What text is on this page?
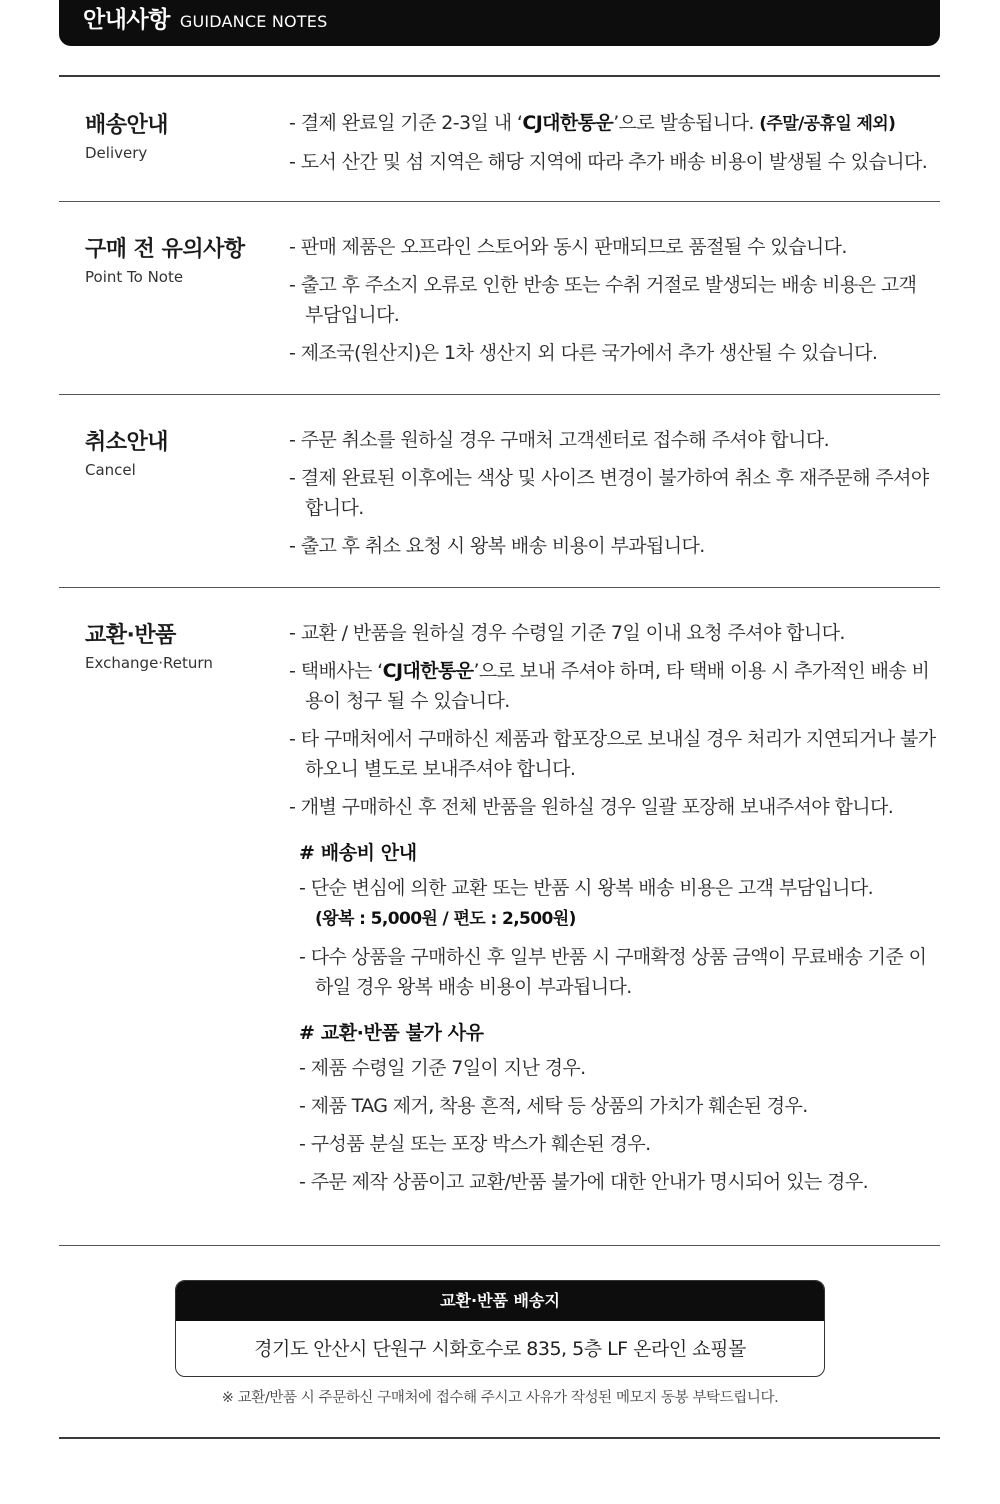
안내사항 GUIDANCE NOTES
배송안내
Delivery
- 결제 완료일 기준 2-3일 내 ‘CJ대한통운’으로 발송됩니다. (주말/공휴일 제외)
- 도서 산간 및 섬 지역은 해당 지역에 따라 추가 배송 비용이 발생될 수 있습니다.
구매 전 유의사항
Point To Note
- 판매 제품은 오프라인 스토어와 동시 판매되므로 품절될 수 있습니다.
- 출고 후 주소지 오류로 인한 반송 또는 수취 거절로 발생되는 배송 비용은 고객 부담입니다.
- 제조국(원산지)은 1차 생산지 외 다른 국가에서 추가 생산될 수 있습니다.
취소안내
Cancel
- 주문 취소를 원하실 경우 구매처 고객센터로 접수해 주셔야 합니다.
- 결제 완료된 이후에는 색상 및 사이즈 변경이 불가하여 취소 후 재주문해 주셔야 합니다.
- 출고 후 취소 요청 시 왕복 배송 비용이 부과됩니다.
교환·반품
Exchange·Return
- 교환 / 반품을 원하실 경우 수령일 기준 7일 이내 요청 주셔야 합니다.
- 택배사는 ‘CJ대한통운’으로 보내 주셔야 하며, 타 택배 이용 시 추가적인 배송 비용이 청구 될 수 있습니다.
- 타 구매처에서 구매하신 제품과 합포장으로 보내실 경우 처리가 지연되거나 불가하오니 별도로 보내주셔야 합니다.
- 개별 구매하신 후 전체 반품을 원하실 경우 일괄 포장해 보내주셔야 합니다.
# 배송비 안내
- 단순 변심에 의한 교환 또는 반품 시 왕복 배송 비용은 고객 부담입니다.
(왕복 : 5,000원 / 편도 : 2,500원)
- 다수 상품을 구매하신 후 일부 반품 시 구매확정 상품 금액이 무료배송 기준 이하일 경우 왕복 배송 비용이 부과됩니다.
# 교환·반품 불가 사유
- 제품 수령일 기준 7일이 지난 경우.
- 제품 TAG 제거, 착용 흔적, 세탁 등 상품의 가치가 훼손된 경우.
- 구성품 분실 또는 포장 박스가 훼손된 경우.
- 주문 제작 상품이고 교환/반품 불가에 대한 안내가 명시되어 있는 경우.
교환·반품 배송지
경기도 안산시 단원구 시화호수로 835, 5층 LF 온라인 쇼핑몰
※ 교환/반품 시 주문하신 구매처에 접수해 주시고 사유가 작성된 메모지 동봉 부탁드립니다.
